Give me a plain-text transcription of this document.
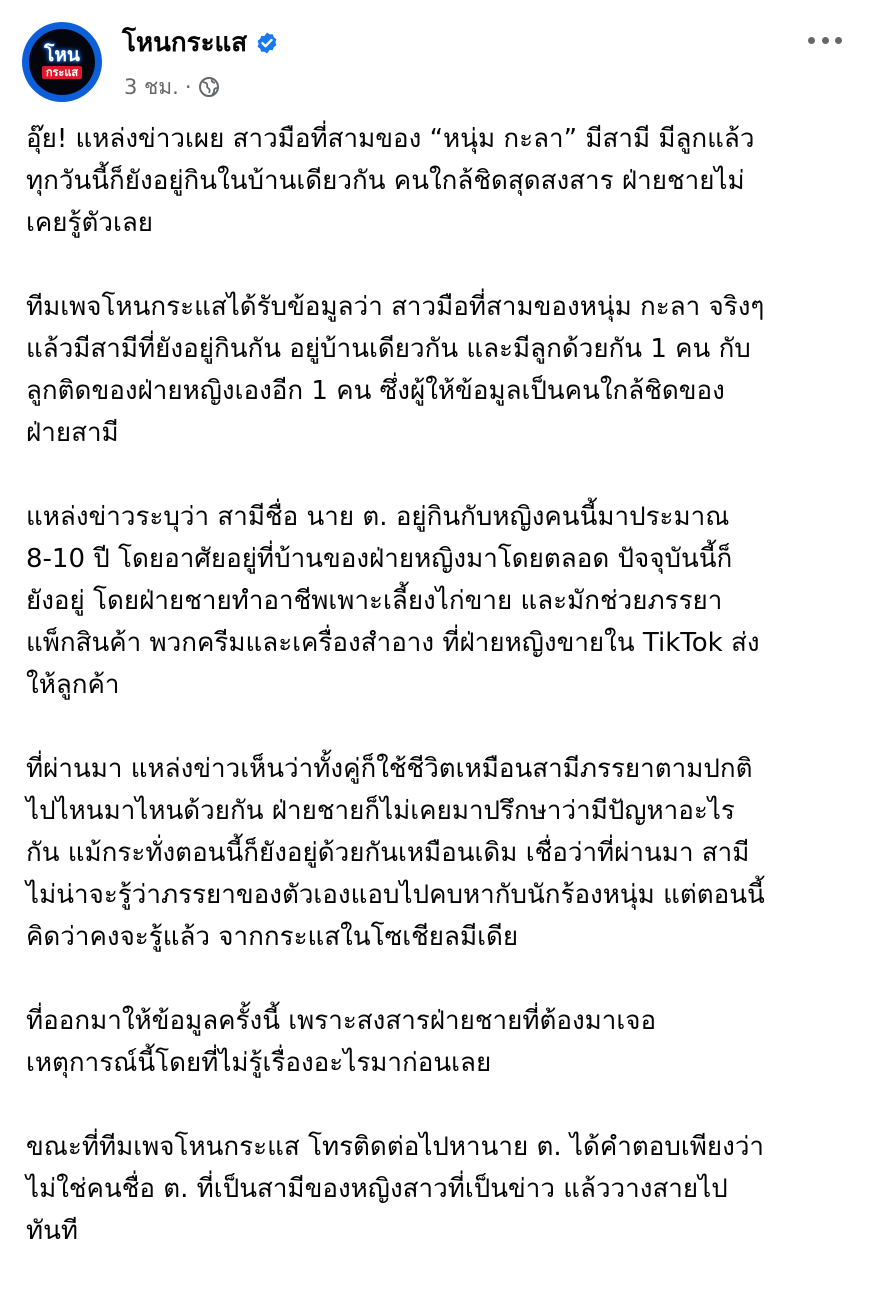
โหน
กระแส
โหนกระแส
3 ชม. ·

อุ๊ย! แหล่งข่าวเผย สาวมือที่สามของ “หนุ่ม กะลา” มีสามี มีลูกแล้ว
ทุกวันนี้ก็ยังอยู่กินในบ้านเดียวกัน คนใกล้ชิดสุดสงสาร ฝ่ายชายไม่
เคยรู้ตัวเลย

ทีมเพจโหนกระแสได้รับข้อมูลว่า สาวมือที่สามของหนุ่ม กะลา จริงๆ
แล้วมีสามีที่ยังอยู่กินกัน อยู่บ้านเดียวกัน และมีลูกด้วยกัน 1 คน กับ
ลูกติดของฝ่ายหญิงเองอีก 1 คน ซึ่งผู้ให้ข้อมูลเป็นคนใกล้ชิดของ
ฝ่ายสามี

แหล่งข่าวระบุว่า สามีชื่อ นาย ต. อยู่กินกับหญิงคนนี้มาประมาณ
8-10 ปี โดยอาศัยอยู่ที่บ้านของฝ่ายหญิงมาโดยตลอด ปัจจุบันนี้ก็
ยังอยู่ โดยฝ่ายชายทำอาชีพเพาะเลี้ยงไก่ขาย และมักช่วยภรรยา
แพ็กสินค้า พวกครีมและเครื่องสำอาง ที่ฝ่ายหญิงขายใน TikTok ส่ง
ให้ลูกค้า

ที่ผ่านมา แหล่งข่าวเห็นว่าทั้งคู่ก็ใช้ชีวิตเหมือนสามีภรรยาตามปกติ
ไปไหนมาไหนด้วยกัน ฝ่ายชายก็ไม่เคยมาปรึกษาว่ามีปัญหาอะไร
กัน แม้กระทั่งตอนนี้ก็ยังอยู่ด้วยกันเหมือนเดิม เชื่อว่าที่ผ่านมา สามี
ไม่น่าจะรู้ว่าภรรยาของตัวเองแอบไปคบหากับนักร้องหนุ่ม แต่ตอนนี้
คิดว่าคงจะรู้แล้ว จากกระแสในโซเชียลมีเดีย

ที่ออกมาให้ข้อมูลครั้งนี้ เพราะสงสารฝ่ายชายที่ต้องมาเจอ
เหตุการณ์นี้โดยที่ไม่รู้เรื่องอะไรมาก่อนเลย

ขณะที่ทีมเพจโหนกระแส โทรติดต่อไปหานาย ต. ได้คำตอบเพียงว่า
ไม่ใช่คนชื่อ ต. ที่เป็นสามีของหญิงสาวที่เป็นข่าว แล้ววางสายไป
ทันที
